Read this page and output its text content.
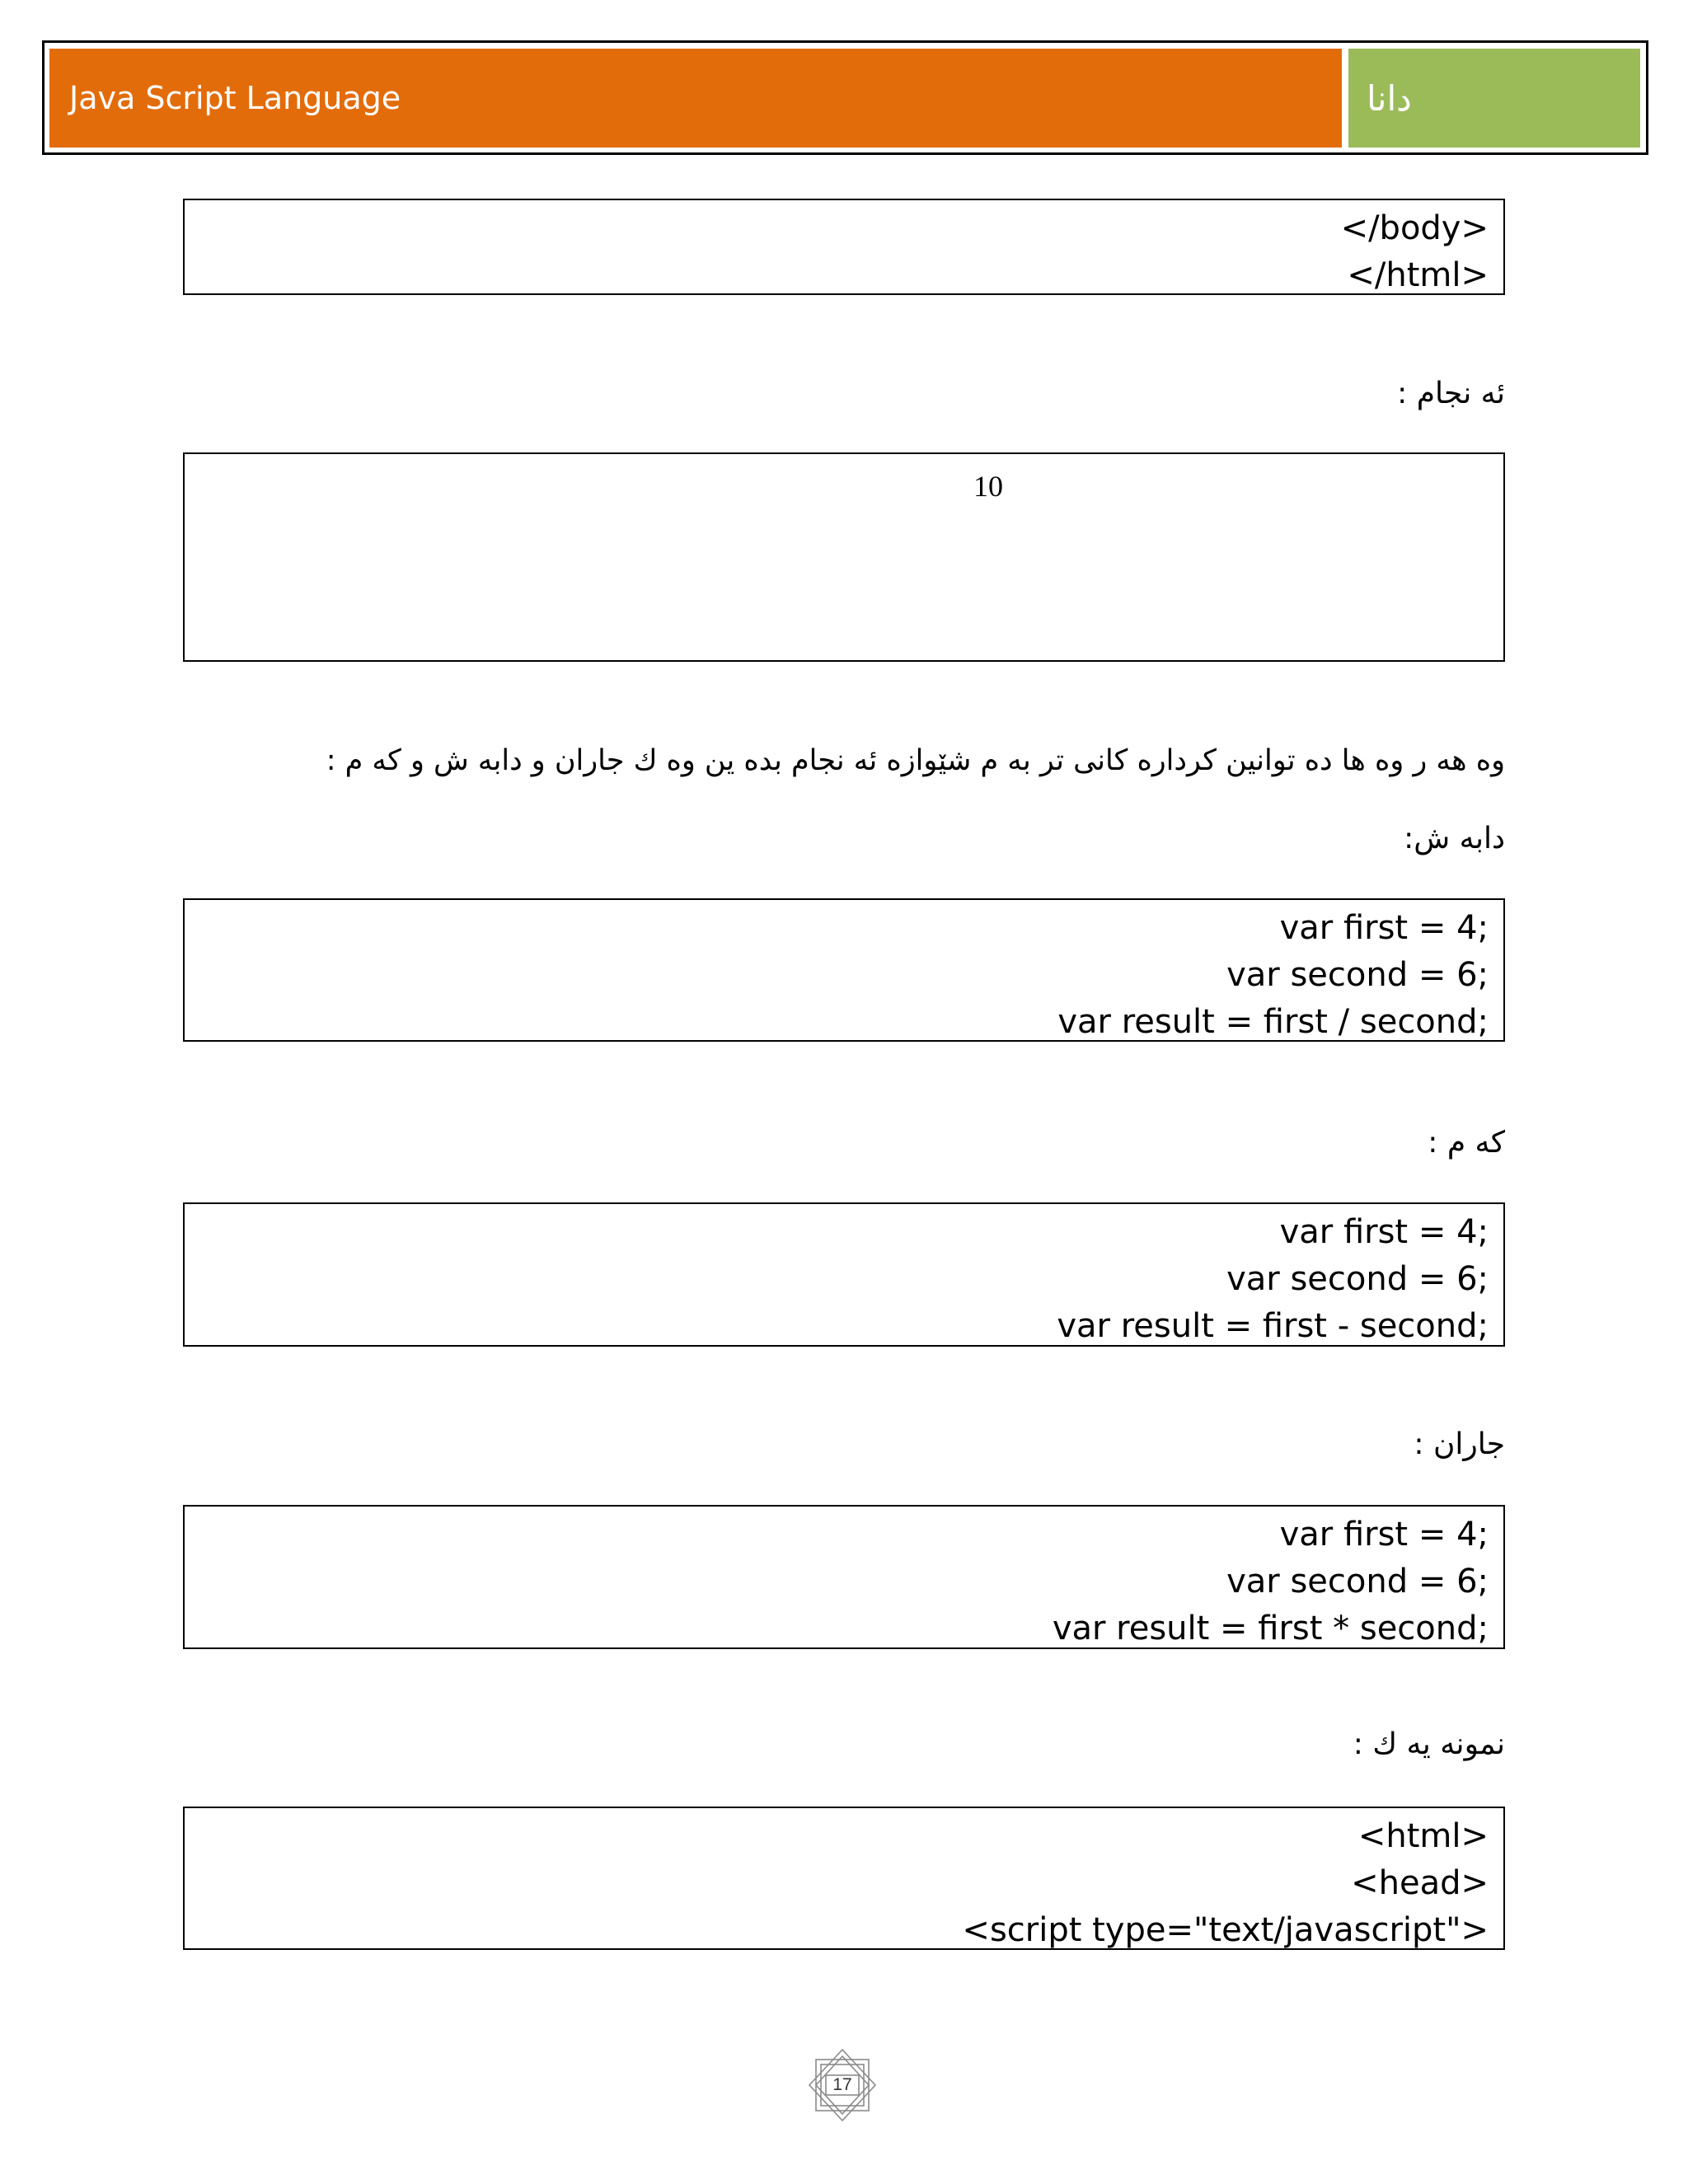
Java Script Language	دانا
</body>
</html>
ئه نجام :
10
وه هه ر وه ها ده توانين كرداره كانى تر به م شێوازه ئه نجام بده ين وه ك جاران و دابه ش و كه م :
دابه ش:
var first = 4;
var second = 6;
var result = first / second;
كه م :
var first = 4;
var second = 6;
var result = first - second;
جاران :
var first = 4;
var second = 6;
var result = first * second;
نمونه يه ك :
<html>
<head>
<script type="text/javascript">
17
